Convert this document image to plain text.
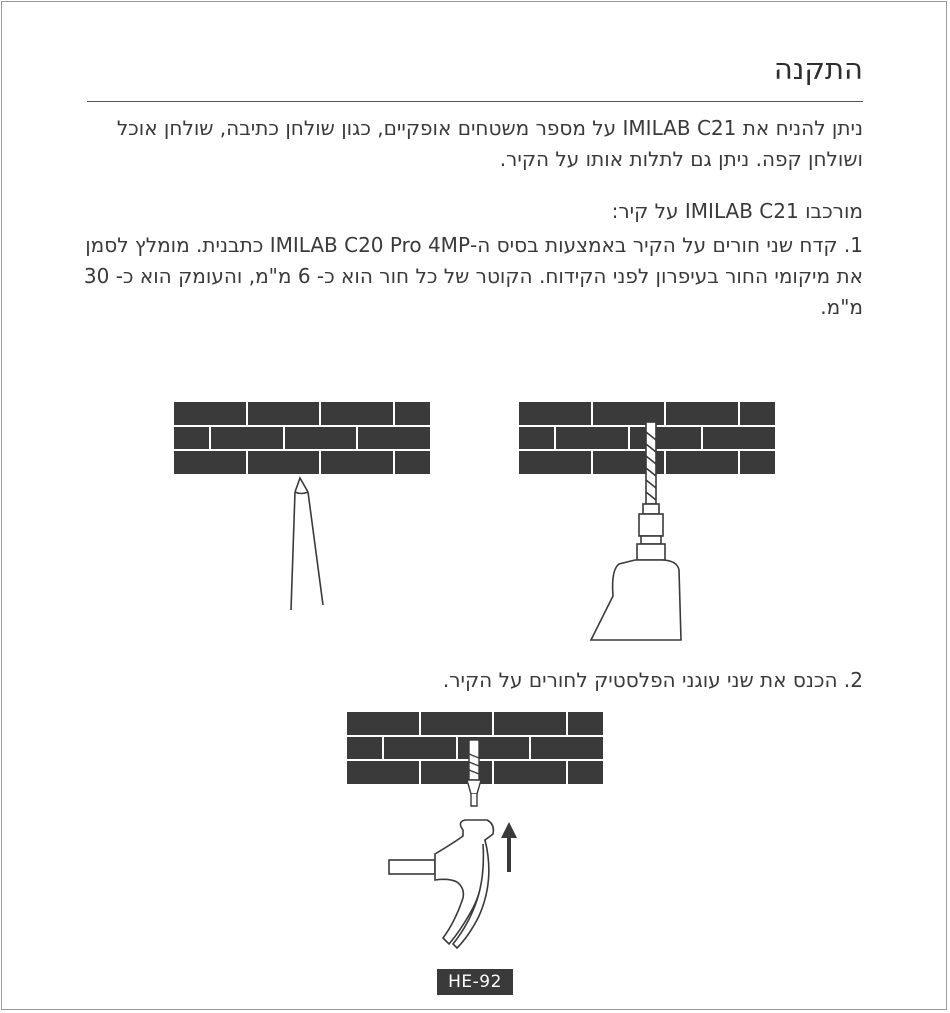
התקנה
ניתן להניח את IMILAB C21 על מספר משטחים אופקיים, כגון שולחן כתיבה, שולחן אוכל ושולחן קפה. ניתן גם לתלות אותו על הקיר.
מורכבו IMILAB C21 על קיר:
1. קדח שני חורים על הקיר באמצעות בסיס ה-IMILAB C20 Pro 4MP כתבנית. מומלץ לסמן את מיקומי החור בעיפרון לפני הקידוח. הקוטר של כל חור הוא כ- 6 מ"מ, והעומק הוא כ- 30 מ"מ.
2. הכנס את שני עוגני הפלסטיק לחורים על הקיר.
HE-92
